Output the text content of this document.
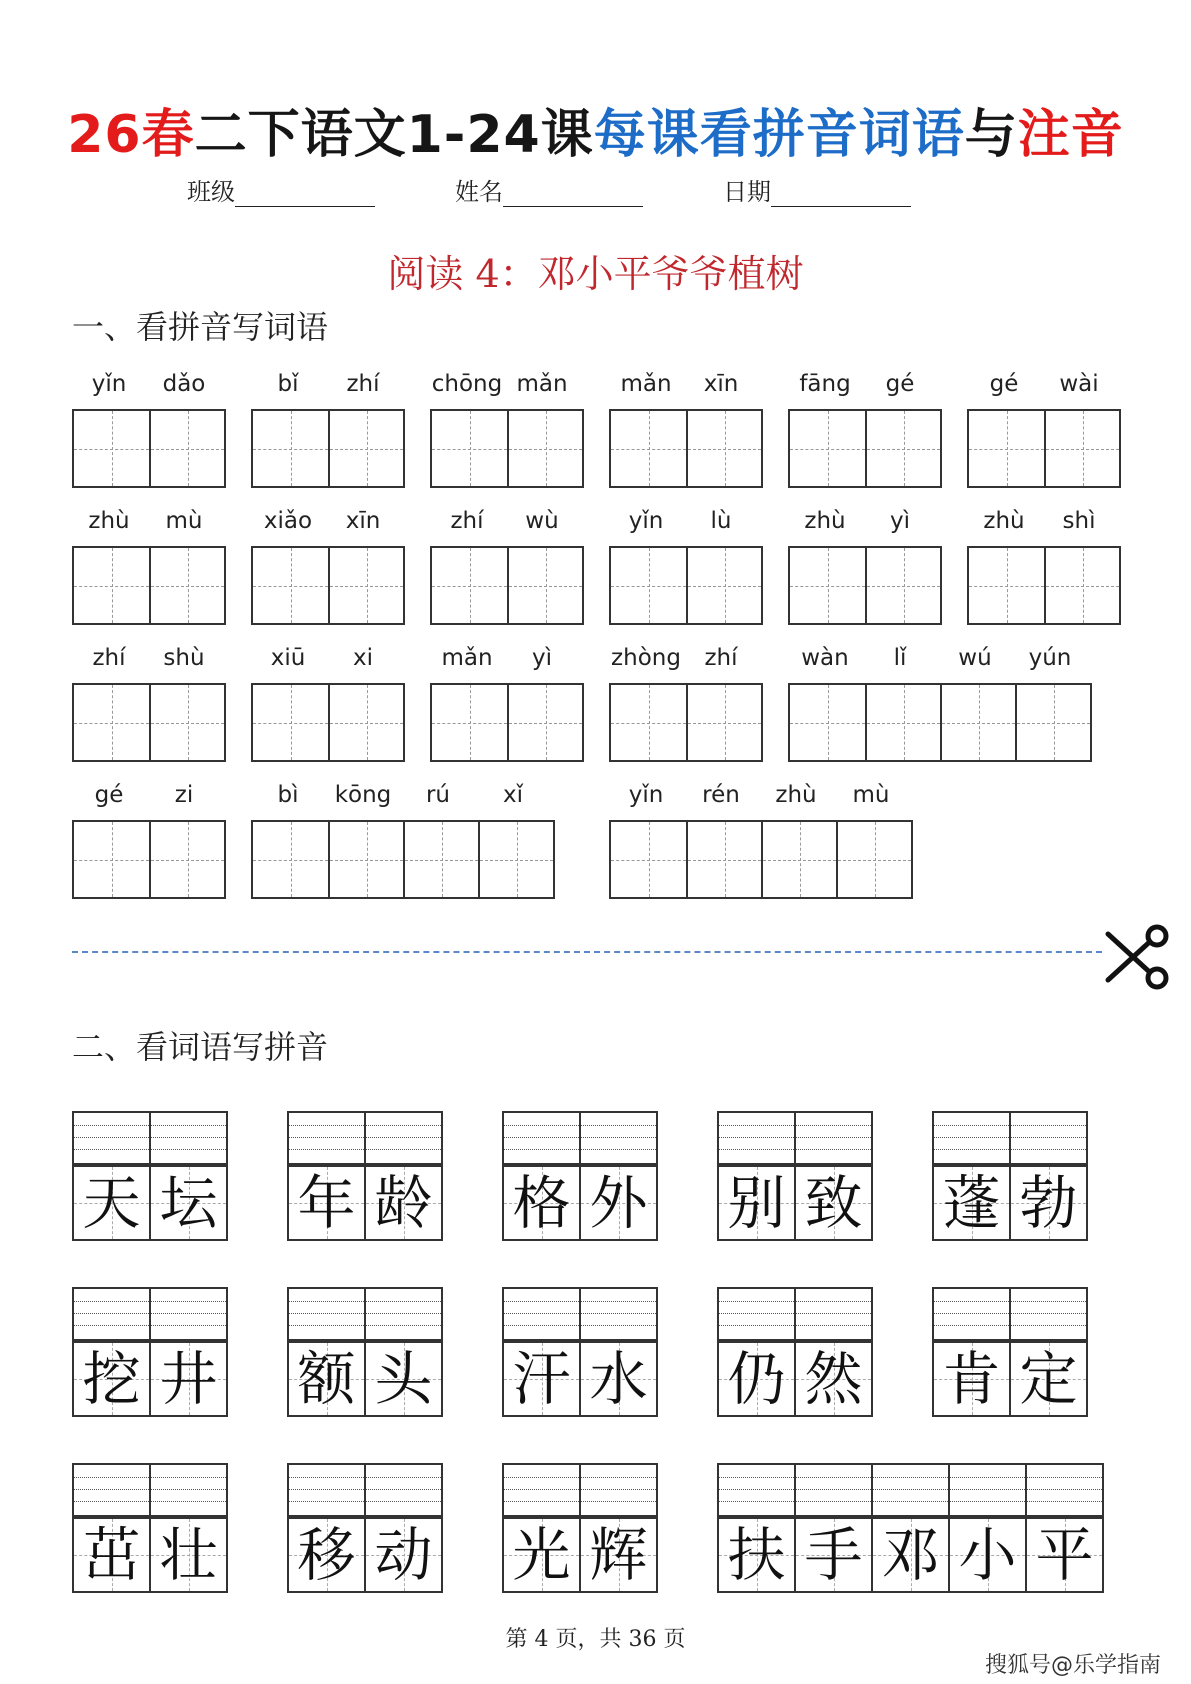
26春二下语文1-24课每课看拼音词语与注音
班级	姓名	日期
阅读 4：邓小平爷爷植树
一、看拼音写词语
yǐn	dǎo	bǐ	zhí	chōng mǎn	mǎn	xīn	fāng	gé	gé	wài
zhù	mù	xiǎo	xīn	zhí	wù	yǐn	lù	zhù	yì	zhù	shì
zhí	shù	xiū	xi	mǎn	yì	zhòng	zhí	wàn	lǐ	wú	yún
gé	zi	bì	kōng	rú	xǐ	yǐn	rén	zhù	mù
二、看词语写拼音
天 坛 年 龄 格 外 别 致 蓬 勃
挖 井 额 头 汗 水 仍 然 肯 定
茁 壮 移 动 光 辉 扶 手 邓 小 平
第 4 页，共 36 页
搜狐号@乐学指南
